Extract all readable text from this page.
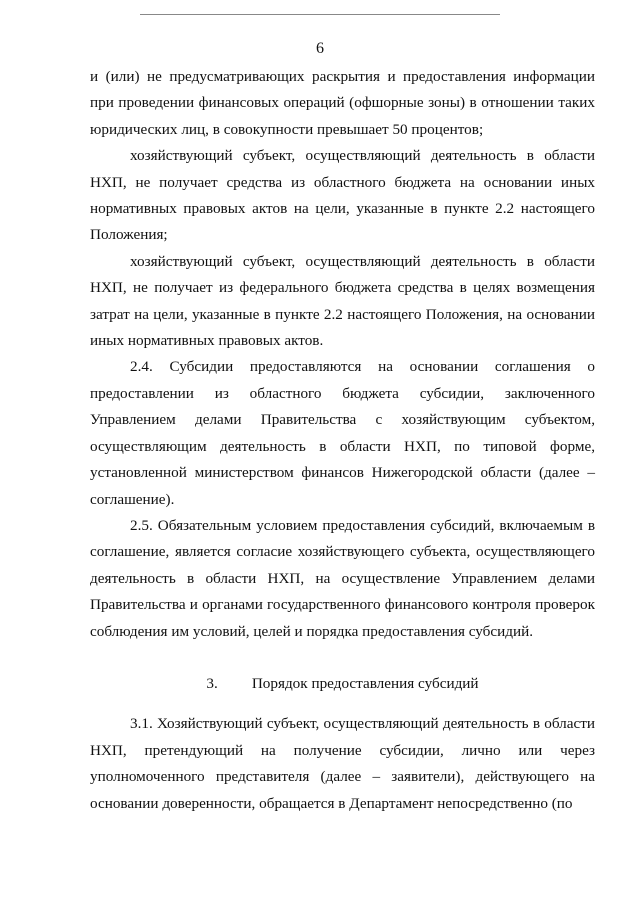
6

и (или) не предусматривающих раскрытия и предоставления информации при проведении финансовых операций (офшорные зоны) в отношении таких юридических лиц, в совокупности превышает 50 процентов;

хозяйствующий субъект, осуществляющий деятельность в области НХП, не получает средства из областного бюджета на основании иных нормативных правовых актов на цели, указанные в пункте 2.2 настоящего Положения;

хозяйствующий субъект, осуществляющий деятельность в области НХП, не получает из федерального бюджета средства в целях возмещения затрат на цели, указанные в пункте 2.2 настоящего Положения, на основании иных нормативных правовых актов.

2.4. Субсидии предоставляются на основании соглашения о предоставлении из областного бюджета субсидии, заключенного Управлением делами Правительства с хозяйствующим субъектом, осуществляющим деятельность в области НХП, по типовой форме, установленной министерством финансов Нижегородской области (далее – соглашение).

2.5. Обязательным условием предоставления субсидий, включаемым в соглашение, является согласие хозяйствующего субъекта, осуществляющего деятельность в области НХП, на осуществление Управлением делами Правительства и органами государственного финансового контроля проверок соблюдения им условий, целей и порядка предоставления субсидий.

3. Порядок предоставления субсидий

3.1. Хозяйствующий субъект, осуществляющий деятельность в области НХП, претендующий на получение субсидии, лично или через уполномоченного представителя (далее – заявители), действующего на основании доверенности, обращается в Департамент непосредственно (по
